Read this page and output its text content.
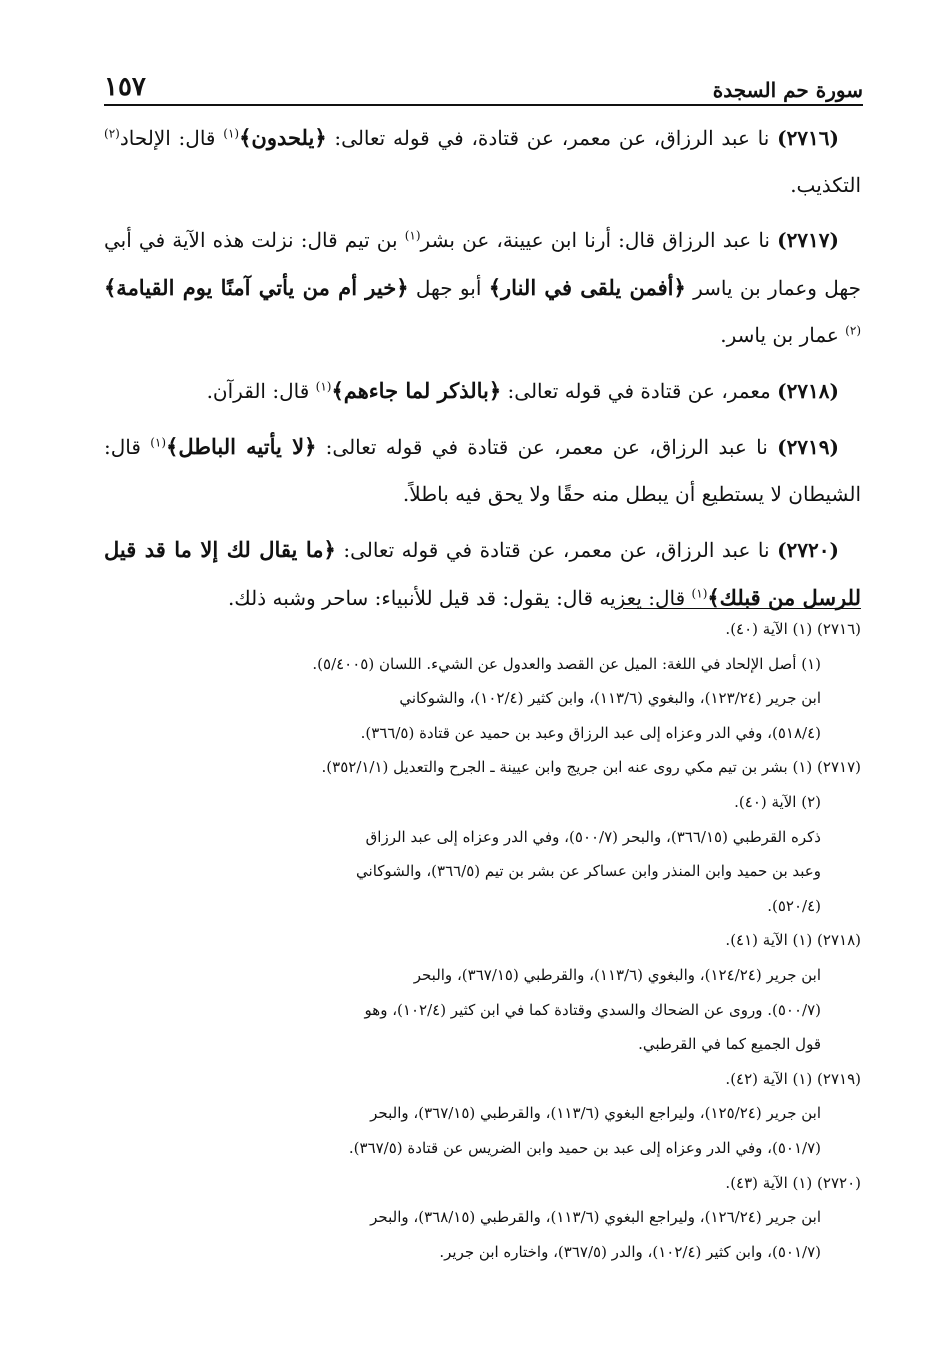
سورة حم السجدة
١٥٧

(٢٧١٦) نا عبد الرزاق، عن معمر، عن قتادة، في قوله تعالى: ﴿يلحدون﴾$^{(١)}$ قال: الإلحاد$^{(٢)}$ التكذيب.

(٢٧١٧) نا عبد الرزاق قال: أرنا ابن عيينة، عن بشر$^{(١)}$ بن تيم قال: نزلت هذه الآية في أبي جهل وعمار بن ياسر ﴿أفمن يلقى في النار﴾ أبو جهل ﴿خير أم من يأتي آمنًا يوم القيامة﴾$^{(٢)}$ عمار بن ياسر.

(٢٧١٨) معمر، عن قتادة في قوله تعالى: ﴿بالذكر لما جاءهم﴾$^{(١)}$ قال: القرآن.

(٢٧١٩) نا عبد الرزاق، عن معمر، عن قتادة في قوله تعالى: ﴿لا يأتيه الباطل﴾$^{(١)}$ قال: الشيطان لا يستطيع أن يبطل منه حقًا ولا يحق فيه باطلاً.

(٢٧٢٠) نا عبد الرزاق، عن معمر، عن قتادة في قوله تعالى: ﴿ما يقال لك إلا ما قد قيل للرسل من قبلك﴾$^{(١)}$ قال: يعزيه قال: يقول: قد قيل للأنبياء: ساحر وشبه ذلك.

(٢٧١٦) (١) الآية (٤٠).

(١) أصل الإلحاد في اللغة: الميل عن القصد والعدول عن الشيء. اللسان (٥/٤٠٠٥).

ابن جرير (١٢٣/٢٤)، والبغوي (١١٣/٦)، وابن كثير (١٠٢/٤)، والشوكاني

(٥١٨/٤)، وفي الدر وعزاه إلى عبد الرزاق وعبد بن حميد عن قتادة (٣٦٦/٥).

(٢٧١٧) (١) بشر بن تيم مكي روى عنه ابن جريج وابن عيينة ـ الجرح والتعديل (٣٥٢/١/١).

(٢) الآية (٤٠).

ذكره القرطبي (٣٦٦/١٥)، والبحر (٥٠٠/٧)، وفي الدر وعزاه إلى عبد الرزاق

وعبد بن حميد وابن المنذر وابن عساكر عن بشر بن تيم (٣٦٦/٥)، والشوكاني

(٥٢٠/٤).

(٢٧١٨) (١) الآية (٤١).

ابن جرير (١٢٤/٢٤)، والبغوي (١١٣/٦)، والقرطبي (٣٦٧/١٥)، والبحر

(٥٠٠/٧). وروى عن الضحاك والسدي وقتادة كما في ابن كثير (١٠٢/٤)، وهو

قول الجميع كما في القرطبي.

(٢٧١٩) (١) الآية (٤٢).

ابن جرير (١٢٥/٢٤)، وليراجع البغوي (١١٣/٦)، والقرطبي (٣٦٧/١٥)، والبحر

(٥٠١/٧)، وفي الدر وعزاه إلى عبد بن حميد وابن الضريس عن قتادة (٣٦٧/٥).

(٢٧٢٠) (١) الآية (٤٣).

ابن جرير (١٢٦/٢٤)، وليراجع البغوي (١١٣/٦)، والقرطبي (٣٦٨/١٥)، والبحر

(٥٠١/٧)، وابن كثير (١٠٢/٤)، والدر (٣٦٧/٥)، واختاره ابن جرير.
